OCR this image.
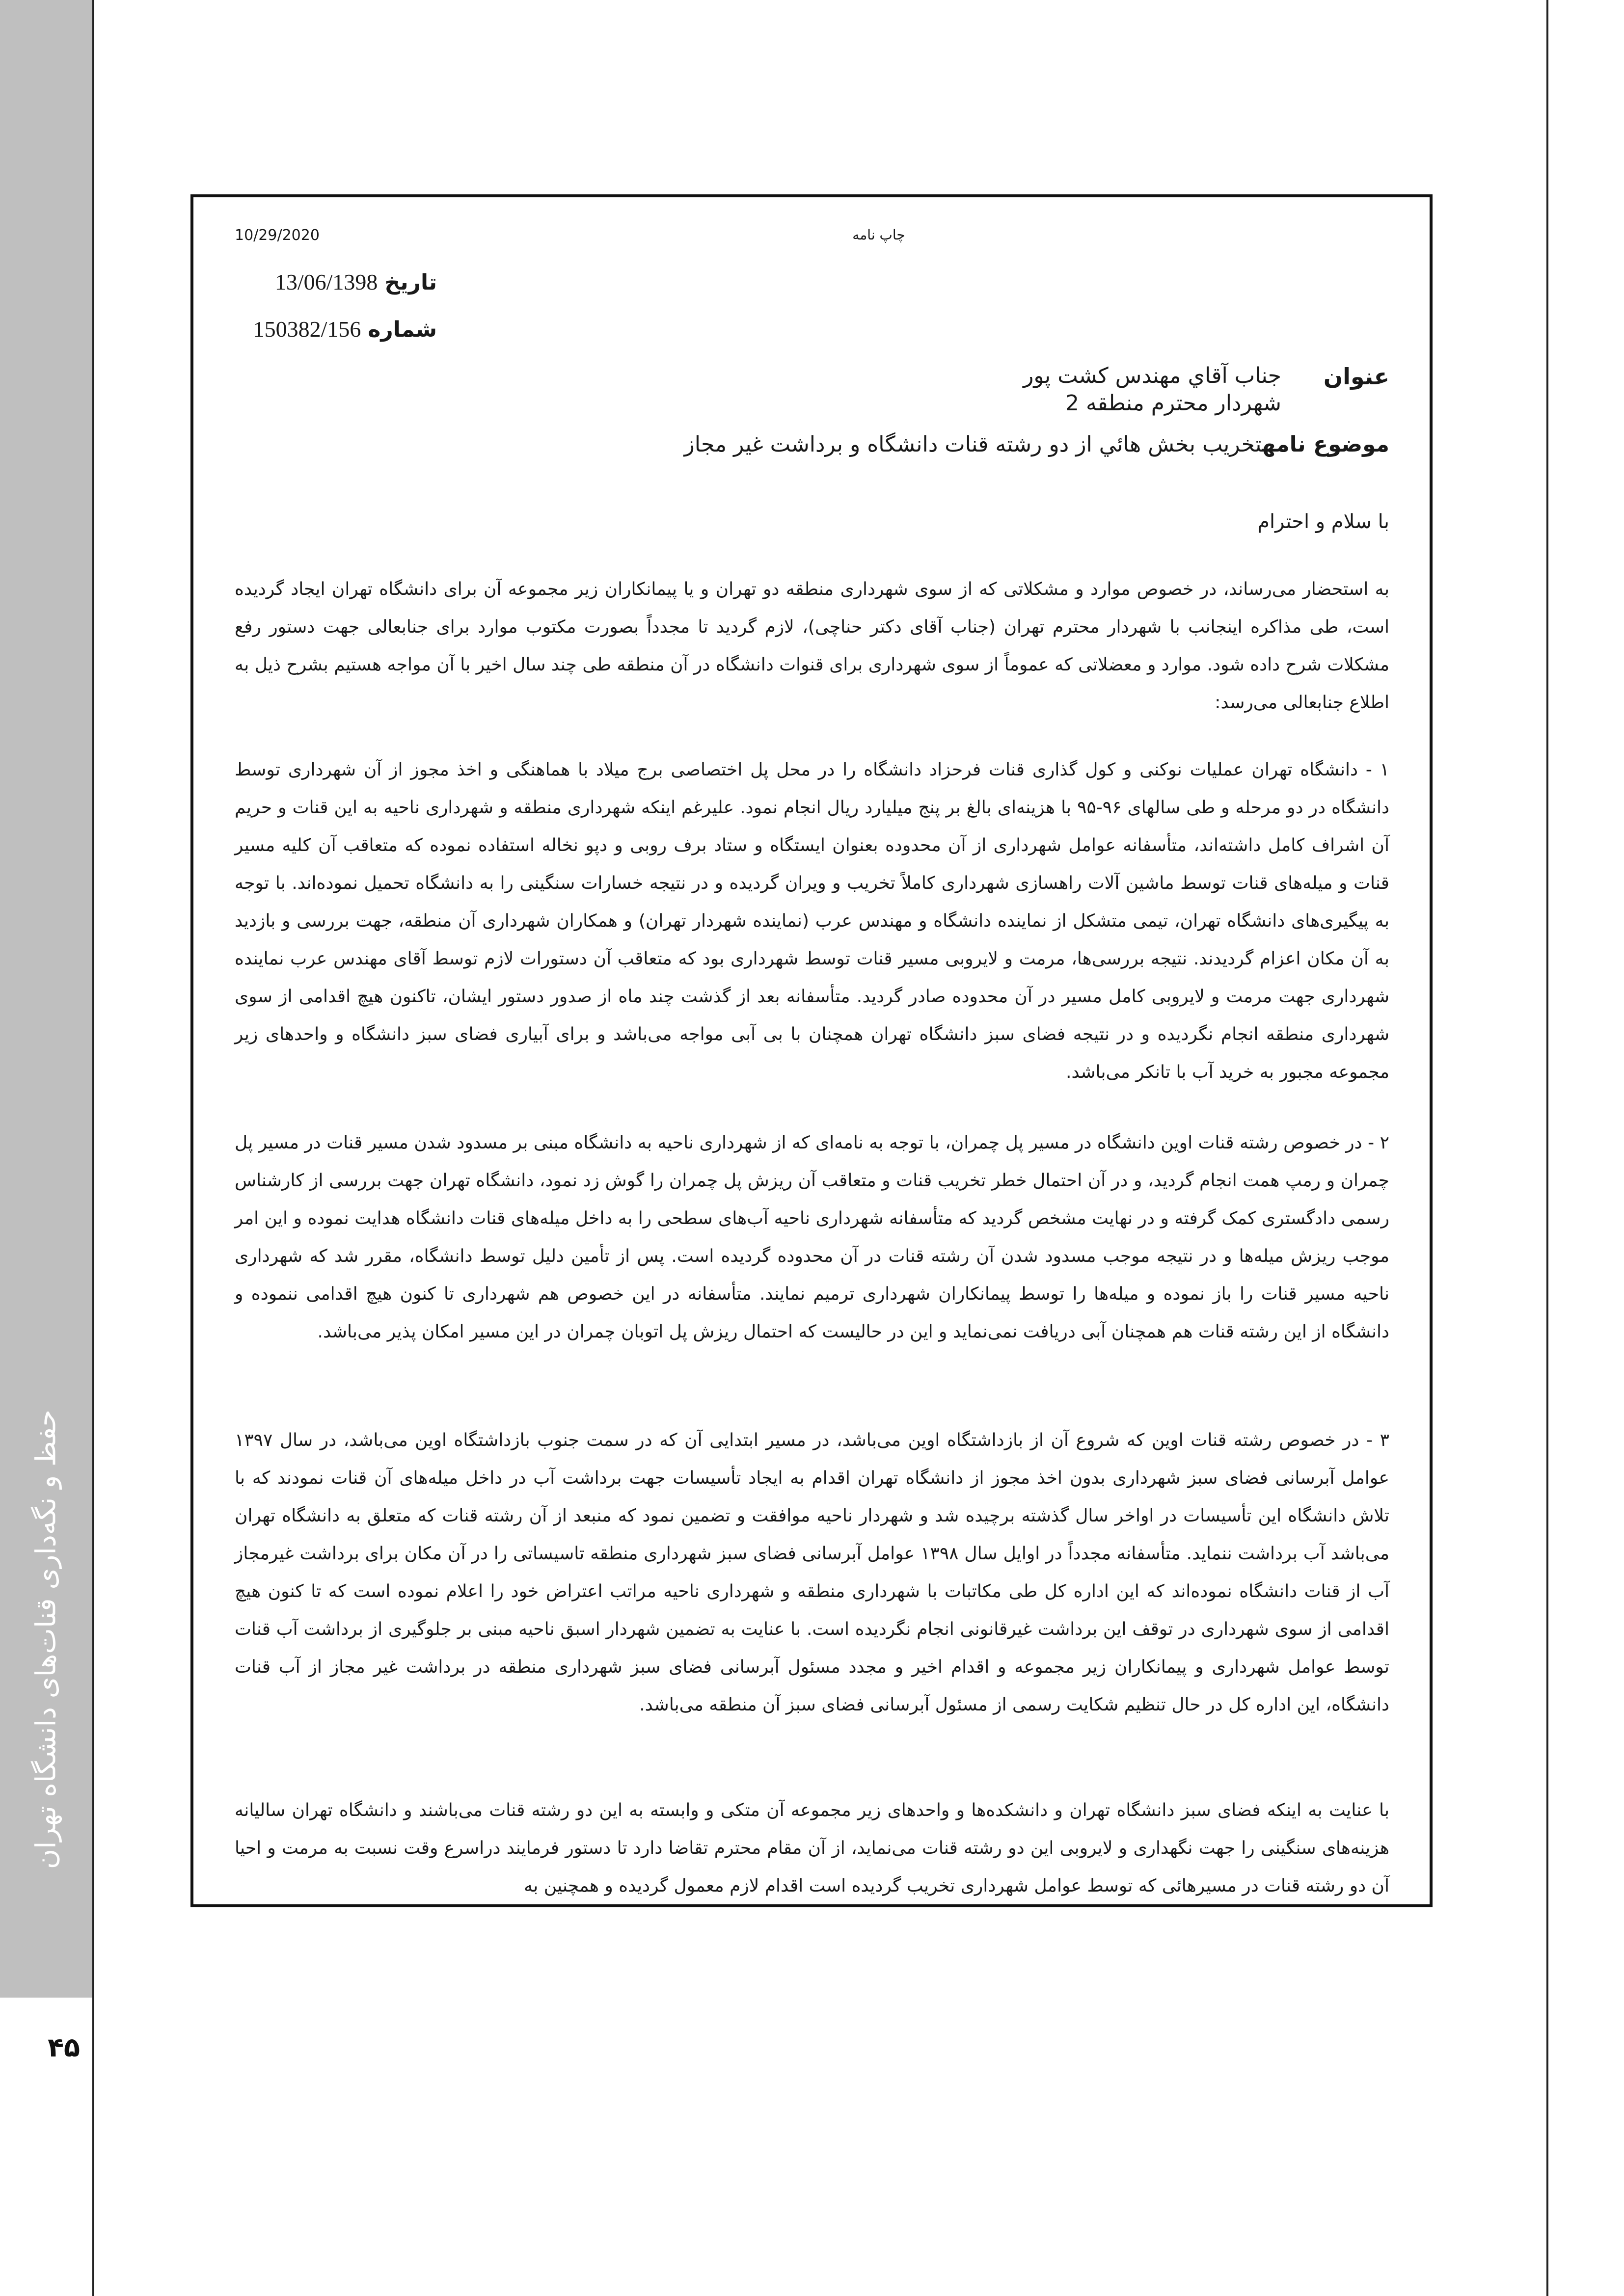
حفظ و نگه‌داری قنات‌های دانشگاه تهران
۴۵
10/29/2020	چاپ نامه
تاریخ 13/06/1398
شماره 150382/156
عنوان
جناب آقاي مهندس کشت پور
شهردار محترم منطقه 2
موضوع نامهتخریب بخش هائي از دو رشته قنات دانشگاه و برداشت غیر مجاز
با سلام و احترام

به استحضار می‌رساند، در خصوص موارد و مشکلاتی که از سوی شهرداری منطقه دو تهران و یا پیمانکاران زیر مجموعه آن برای دانشگاه تهران ایجاد گردیده است، طی مذاکره اینجانب با شهردار محترم تهران (جناب آقای دکتر حناچی)، لازم گردید تا مجدداً بصورت مکتوب موارد برای جنابعالی جهت دستور رفع مشکلات شرح داده شود. موارد و معضلاتی که عموماً از سوی شهرداری برای قنوات دانشگاه در آن منطقه طی چند سال اخیر با آن مواجه هستیم بشرح ذیل به اطلاع جنابعالی می‌رسد:

۱ - دانشگاه تهران عملیات نوکنی و کول گذاری قنات فرحزاد دانشگاه را در محل پل اختصاصی برج میلاد با هماهنگی و اخذ مجوز از آن شهرداری توسط دانشگاه در دو مرحله و طی سالهای ۹۶-۹۵ با هزینه‌ای بالغ بر پنج میلیارد ریال انجام نمود. علیرغم اینکه شهرداری منطقه و شهرداری ناحیه به این قنات و حریم آن اشراف کامل داشته‌اند، متأسفانه عوامل شهرداری از آن محدوده بعنوان ایستگاه و ستاد برف روبی و دپو نخاله استفاده نموده که متعاقب آن کلیه مسیر قنات و میله‌های قنات توسط ماشین آلات راهسازی شهرداری کاملاً تخریب و ویران گردیده و در نتیجه خسارات سنگینی را به دانشگاه تحمیل نموده‌اند. با توجه به پیگیری‌های دانشگاه تهران، تیمی متشکل از نماینده دانشگاه و مهندس عرب (نماینده شهردار تهران) و همکاران شهرداری آن منطقه، جهت بررسی و بازدید به آن مکان اعزام گردیدند. نتیجه بررسی‌ها، مرمت و لایروبی مسیر قنات توسط شهرداری بود که متعاقب آن دستورات لازم توسط آقای مهندس عرب نماینده شهرداری جهت مرمت و لایروبی کامل مسیر در آن محدوده صادر گردید. متأسفانه بعد از گذشت چند ماه از صدور دستور ایشان، تاکنون هیچ اقدامی از سوی شهرداری منطقه انجام نگردیده و در نتیجه فضای سبز دانشگاه تهران همچنان با بی آبی مواجه می‌باشد و برای آبیاری فضای سبز دانشگاه و واحدهای زیر مجموعه مجبور به خرید آب با تانکر می‌باشد.

۲ - در خصوص رشته قنات اوین دانشگاه در مسیر پل چمران، با توجه به نامه‌ای که از شهرداری ناحیه به دانشگاه مبنی بر مسدود شدن مسیر قنات در مسیر پل چمران و رمپ همت انجام گردید، و در آن احتمال خطر تخریب قنات و متعاقب آن ریزش پل چمران را گوش زد نمود، دانشگاه تهران جهت بررسی از کارشناس رسمی دادگستری کمک گرفته و در نهایت مشخص گردید که متأسفانه شهرداری ناحیه آب‌های سطحی را به داخل میله‌های قنات دانشگاه هدایت نموده و این امر موجب ریزش میله‌ها و در نتیجه موجب مسدود شدن آن رشته قنات در آن محدوده گردیده است. پس از تأمین دلیل توسط دانشگاه، مقرر شد که شهرداری ناحیه مسیر قنات را باز نموده و میله‌ها را توسط پیمانکاران شهرداری ترمیم نمایند. متأسفانه در این خصوص هم شهرداری تا کنون هیچ اقدامی ننموده و دانشگاه از این رشته قنات هم همچنان آبی دریافت نمی‌نماید و این در حالیست که احتمال ریزش پل اتوبان چمران در این مسیر امکان پذیر می‌باشد.

۳ - در خصوص رشته قنات اوین که شروع آن از بازداشتگاه اوین می‌باشد، در مسیر ابتدایی آن که در سمت جنوب بازداشتگاه اوین می‌باشد، در سال ۱۳۹۷ عوامل آبرسانی فضای سبز شهرداری بدون اخذ مجوز از دانشگاه تهران اقدام به ایجاد تأسیسات جهت برداشت آب در داخل میله‌های آن قنات نمودند که با تلاش دانشگاه این تأسیسات در اواخر سال گذشته برچیده شد و شهردار ناحیه موافقت و تضمین نمود که منبعد از آن رشته قنات که متعلق به دانشگاه تهران می‌باشد آب برداشت ننماید. متأسفانه مجدداً در اوایل سال ۱۳۹۸ عوامل آبرسانی فضای سبز شهرداری منطقه تاسیساتی را در آن مکان برای برداشت غیرمجاز آب از قنات دانشگاه نموده‌اند که این اداره کل طی مکاتبات با شهرداری منطقه و شهرداری ناحیه مراتب اعتراض خود را اعلام نموده است که تا کنون هیچ اقدامی از سوی شهرداری در توقف این برداشت غیرقانونی انجام نگردیده است. با عنایت به تضمین شهردار اسبق ناحیه مبنی بر جلوگیری از برداشت آب قنات توسط عوامل شهرداری و پیمانکاران زیر مجموعه و اقدام اخیر و مجدد مسئول آبرسانی فضای سبز شهرداری منطقه در برداشت غیر مجاز از آب قنات دانشگاه، این اداره کل در حال تنظیم شکایت رسمی از مسئول آبرسانی فضای سبز آن منطقه می‌باشد.

با عنایت به اینکه فضای سبز دانشگاه تهران و دانشکده‌ها و واحدهای زیر مجموعه آن متکی و وابسته به این دو رشته قنات می‌باشند و دانشگاه تهران سالیانه هزینه‌های سنگینی را جهت نگهداری و لایروبی این دو رشته قنات می‌نماید، از آن مقام محترم تقاضا دارد تا دستور فرمایند دراسرع وقت نسبت به مرمت و احیا آن دو رشته قنات در مسیرهائی که توسط عوامل شهرداری تخریب گردیده است اقدام لازم معمول گردیده و همچنین به
